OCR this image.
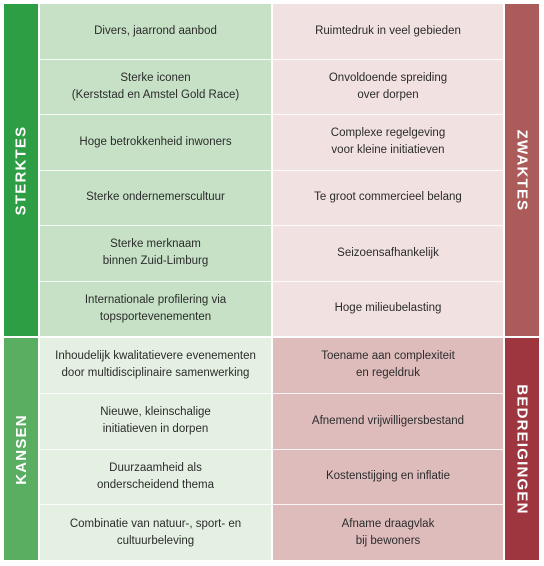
STERKTES
KANSEN
ZWAKTES
BEDREIGINGEN
Divers, jaarrond aanbod
Sterke iconen
(Kerststad en Amstel Gold Race)
Hoge betrokkenheid inwoners
Sterke ondernemerscultuur
Sterke merknaam
binnen Zuid-Limburg
Internationale profilering via
topsportevenementen
Ruimtedruk in veel gebieden
Onvoldoende spreiding
over dorpen
Complexe regelgeving
voor kleine initiatieven
Te groot commercieel belang
Seizoensafhankelijk
Hoge milieubelasting
Inhoudelijk kwalitatievere evenementen
door multidisciplinaire samenwerking
Nieuwe, kleinschalige
initiatieven in dorpen
Duurzaamheid als
onderscheidend thema
Combinatie van natuur-, sport- en
cultuurbeleving
Toename aan complexiteit
en regeldruk
Afnemend vrijwilligersbestand
Kostenstijging en inflatie
Afname draagvlak
bij bewoners
